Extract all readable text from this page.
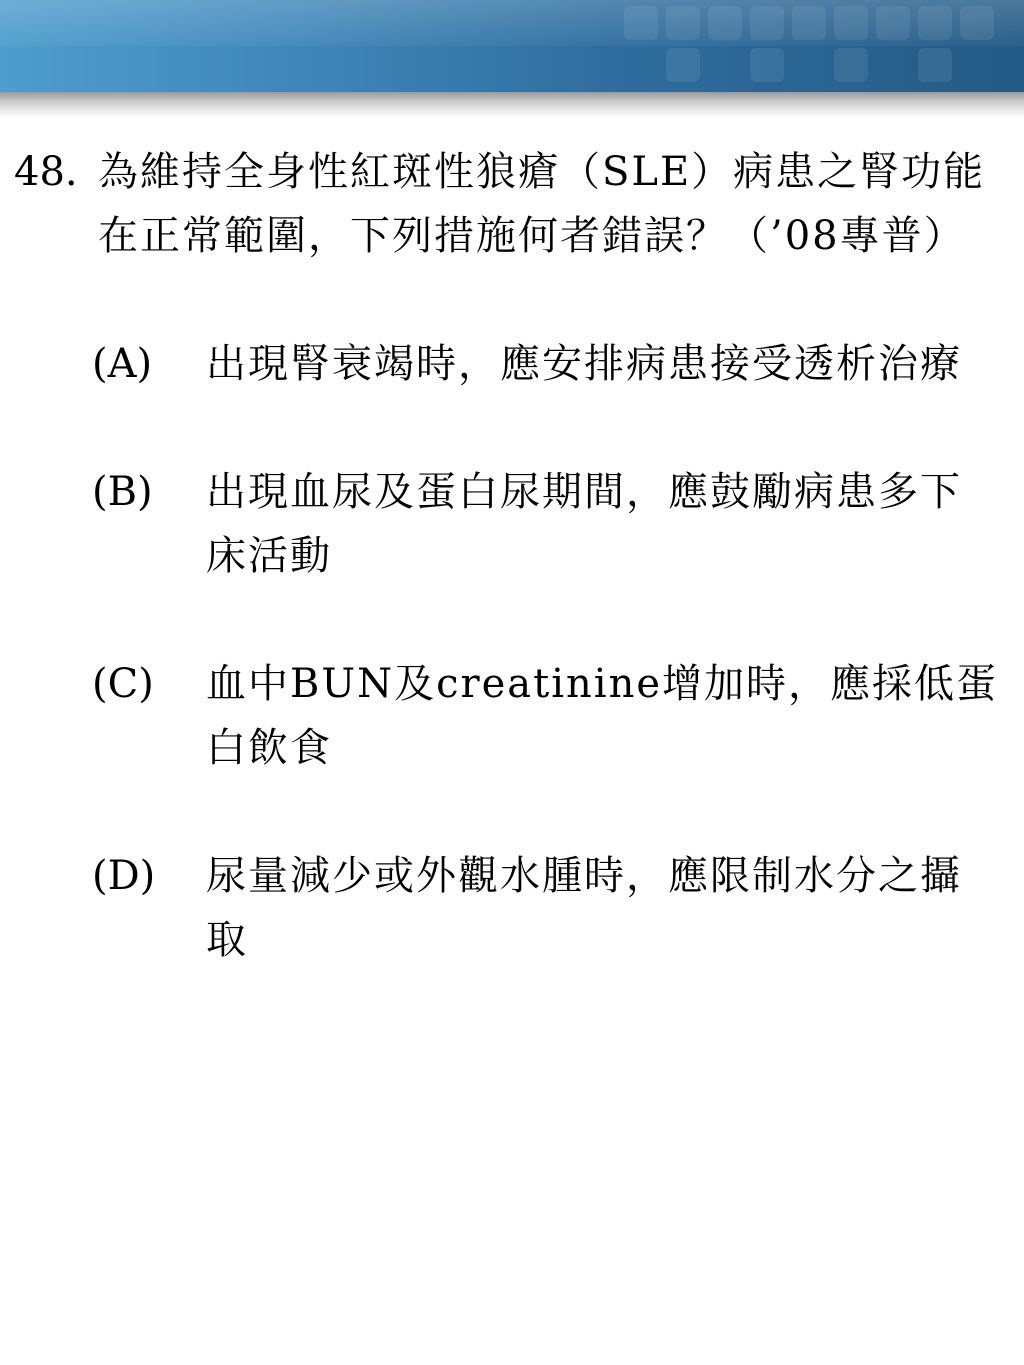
48. 為維持全身性紅斑性狼瘡（SLE）病患之腎功能在正常範圍，下列措施何者錯誤？（’08專普）
(A) 出現腎衰竭時，應安排病患接受透析治療
(B) 出現血尿及蛋白尿期間，應鼓勵病患多下床活動
(C) 血中BUN及creatinine增加時，應採低蛋白飲食
(D) 尿量減少或外觀水腫時，應限制水分之攝取
